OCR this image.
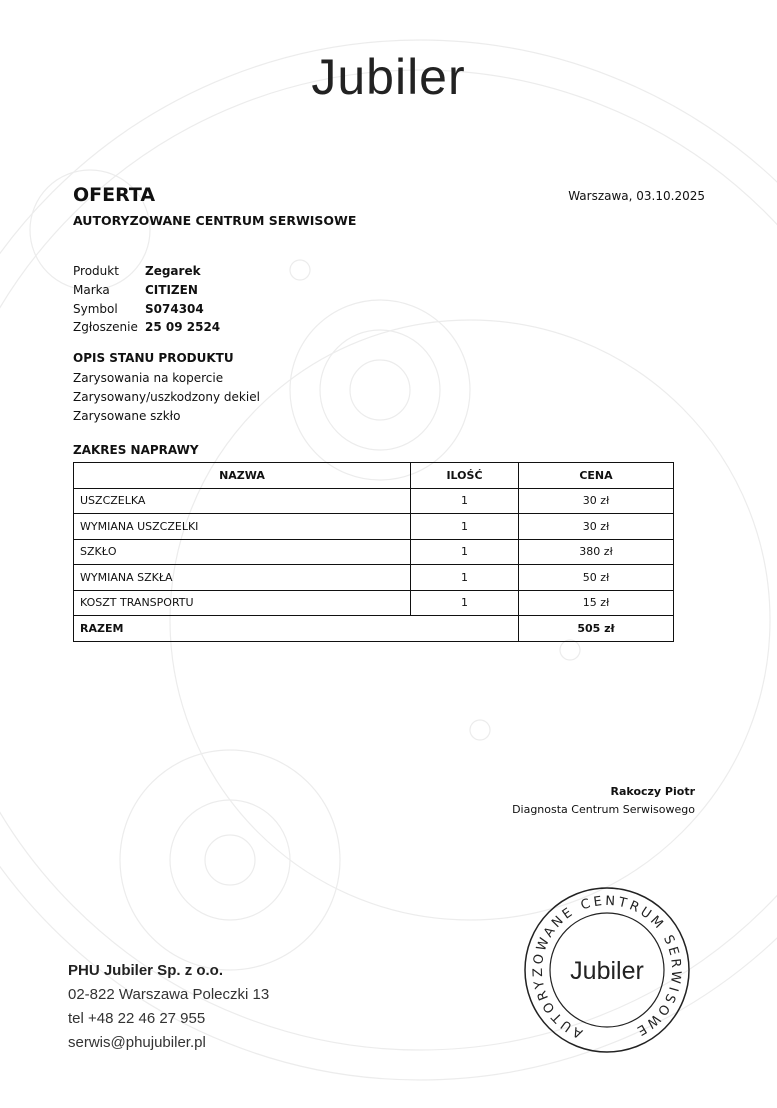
Jubiler
OFERTA
AUTORYZOWANE CENTRUM SERWISOWE
Warszawa, 03.10.2025
Produkt Zegarek
Marka	CITIZEN
Symbol S074304
Zgłoszenie 25 09 2524
OPIS STANU PRODUKTU
Zarysowania na kopercie
Zarysowany/uszkodzony dekiel
Zarysowane szkło
ZAKRES NAPRAWY
NAZWA	ILOŚĆ	CENA
USZCZELKA	1	30 zł
WYMIANA USZCZELKI	1	30 zł
SZKŁO	1	380 zł
WYMIANA SZKŁA	1	50 zł
KOSZT TRANSPORTU	1	15 zł
RAZEM		505 zł
Rakoczy Piotr
Diagnosta Centrum Serwisowego
AUTORYZOWANE CENTRUM SERWISOWE
Jubiler
PHU Jubiler Sp. z o.o.
02-822 Warszawa Poleczki 13
tel +48 22 46 27 955
serwis@phujubiler.pl
